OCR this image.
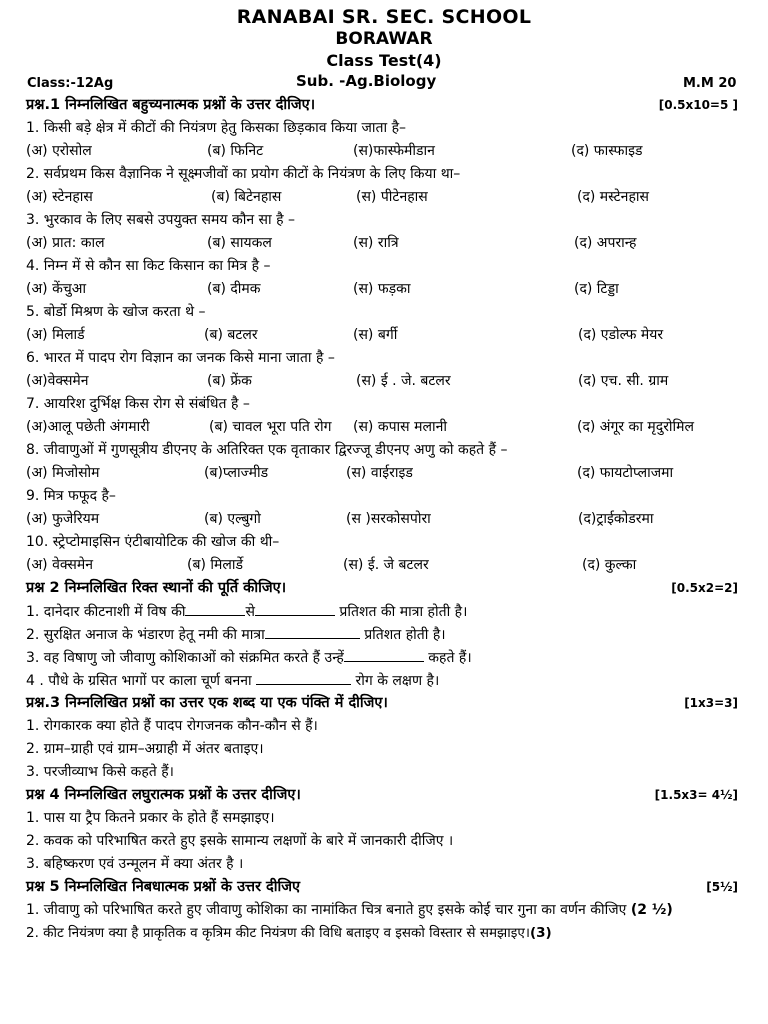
RANABAI SR. SEC. SCHOOL
BORAWAR
Class Test(4)
Class:-12Ag	Sub. -Ag.Biology	M.M 20
प्रश्न.1 निम्नलिखित बहुच्यनात्मक प्रश्नों के उत्तर दीजिए।	[0.5x10=5 ]
1. किसी बड़े क्षेत्र में कीटों की नियंत्रण हेतु किसका छिड़काव किया जाता है–
(अ) एरोसोल	(ब) फिनिट	(स)फास्फेमीडान	(द) फास्फाइड
2. सर्वप्रथम किस वैज्ञानिक ने सूक्ष्मजीवों का प्रयोग कीटों के नियंत्रण के लिए किया था–
(अ) स्टेनहास	(ब) बिटेनहास	(स) पीटेनहास	(द) मस्टेनहास
3. भुरकाव के लिए सबसे उपयुक्त समय कौन सा है –
(अ) प्रात: काल	(ब) सायकल	(स) रात्रि	(द) अपरान्ह
4. निम्न में से कौन सा किट किसान का मित्र है –
(अ) केंचुआ	(ब) दीमक	(स) फड़का	(द) टिड्डा
5. बोर्डो मिश्रण के खोज करता थे –
(अ) मिलार्ड	(ब) बटलर	(स) बर्गी	(द) एडोल्फ मेयर
6. भारत में पादप रोग विज्ञान का जनक किसे माना जाता है –
(अ)वेक्समेन	(ब) फ्रेंक	(स) ई . जे. बटलर	(द) एच. सी. ग्राम
7. आयरिश दुर्भिक्ष किस रोग से संबंधित है –
(अ)आलू पछेती अंगमारी	(ब) चावल भूरा पति रोग (स) कपास मलानी	(द) अंगूर का मृदुरोमिल
8. जीवाणुओं में गुणसूत्रीय डीएनए के अतिरिक्त एक वृताकार द्विरज्जू डीएनए अणु को कहते हैं –
(अ) मिजोसोम	(ब)प्लाज्मीड	(स) वाईराइड	(द) फायटोप्लाजमा
9. मित्र फफूद है–
(अ) फुजेरियम	(ब) एल्बुगो	(स )सरकोसपोरा	(द)ट्राईकोडरमा
10. स्ट्रेप्टोमाइसिन एंटीबायोटिक की खोज की थी–
(अ) वेक्समेन	(ब) मिलार्डे	(स) ई. जे बटलर	(द) कुल्का
प्रश्न 2 निम्नलिखित रिक्त स्थानों की पूर्ति कीजिए।	[0.5x2=2]
1. दानेदार कीटनाशी में विष की	से	प्रतिशत की मात्रा होती है।
2. सुरक्षित अनाज के भंडारण हेतू नमी की मात्रा	प्रतिशत होती है।
3. वह विषाणु जो जीवाणु कोशिकाओं को संक्रमित करते हैं उन्हें	कहते हैं।
4 . पौधे के ग्रसित भागों पर काला चूर्ण बनना	रोग के लक्षण है।
प्रश्न.3 निम्नलिखित प्रश्नों का उत्तर एक शब्द या एक पंक्ति में दीजिए।	[1x3=3]
1. रोगकारक क्या होते हैं पादप रोगजनक कौन-कौन से हैं।
2. ग्राम–ग्राही एवं ग्राम–अग्राही में अंतर बताइए।
3. परजीव्याभ किसे कहते हैं।
प्रश्न 4 निम्नलिखित लघुरात्मक प्रश्नों के उत्तर दीजिए।	[1.5x3= 4½]
1. पास या ट्रैप कितने प्रकार के होते हैं समझाइए।
2. कवक को परिभाषित करते हुए इसके सामान्य लक्षणों के बारे में जानकारी दीजिए ।
3. बहिष्करण एवं उन्मूलन में क्या अंतर है ।
प्रश्न 5 निम्नलिखित निबधात्मक प्रश्नों के उत्तर दीजिए	[5½]
1. जीवाणु को परिभाषित करते हुए जीवाणु कोशिका का नामांकित चित्र बनाते हुए इसके कोई चार गुना का वर्णन कीजिए (2 ½)
2. कीट नियंत्रण क्या है प्राकृतिक व कृत्रिम कीट नियंत्रण की विधि बताइए व इसको विस्तार से समझाइए।(3)
